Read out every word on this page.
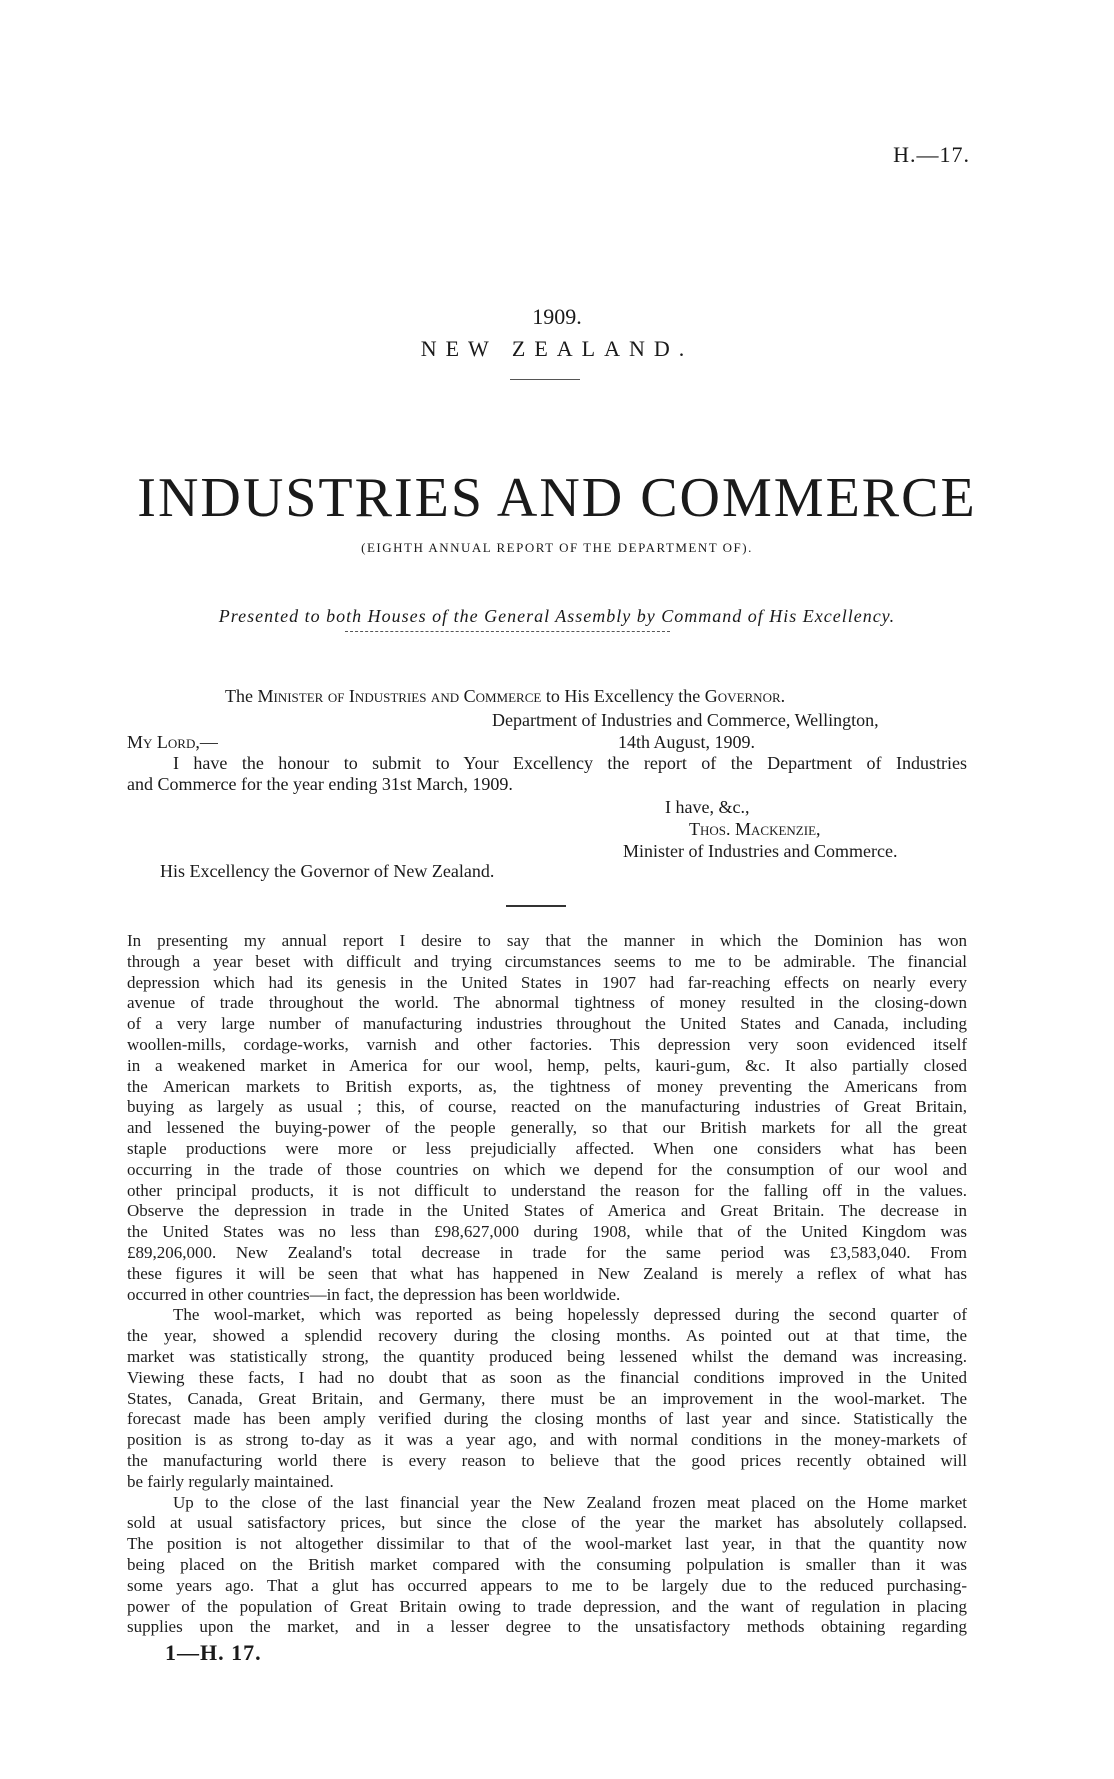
H.—17.
1909.
NEW ZEALAND.
INDUSTRIES AND COMMERCE
(EIGHTH ANNUAL REPORT OF THE DEPARTMENT OF).
Presented to both Houses of the General Assembly by Command of His Excellency.
The Minister of Industries and Commerce to His Excellency the Governor.
Department of Industries and Commerce, Wellington,
My Lord,—	14th August, 1909.

I have the honour to submit to Your Excellency the report of the Department of Industries

and Commerce for the year ending 31st March, 1909.
I have, &c.,
Thos. Mackenzie,
Minister of Industries and Commerce.
His Excellency the Governor of New Zealand.

In presenting my annual report I desire to say that the manner in which the Dominion has won

through a year beset with difficult and trying circumstances seems to me to be admirable. The financial

depression which had its genesis in the United States in 1907 had far-reaching effects on nearly every

avenue of trade throughout the world. The abnormal tightness of money resulted in the closing-down

of a very large number of manufacturing industries throughout the United States and Canada, including

woollen-mills, cordage-works, varnish and other factories. This depression very soon evidenced itself

in a weakened market in America for our wool, hemp, pelts, kauri-gum, &c. It also partially closed

the American markets to British exports, as, the tightness of money preventing the Americans from

buying as largely as usual ; this, of course, reacted on the manufacturing industries of Great Britain,

and lessened the buying-power of the people generally, so that our British markets for all the great

staple productions were more or less prejudicially affected. When one considers what has been

occurring in the trade of those countries on which we depend for the consumption of our wool and

other principal products, it is not difficult to understand the reason for the falling off in the values.

Observe the depression in trade in the United States of America and Great Britain. The decrease in

the United States was no less than £98,627,000 during 1908, while that of the United Kingdom was

£89,206,000. New Zealand's total decrease in trade for the same period was £3,583,040. From

these figures it will be seen that what has happened in New Zealand is merely a reflex of what has

occurred in other countries—in fact, the depression has been worldwide.

The wool-market, which was reported as being hopelessly depressed during the second quarter of

the year, showed a splendid recovery during the closing months. As pointed out at that time, the

market was statistically strong, the quantity produced being lessened whilst the demand was increasing.

Viewing these facts, I had no doubt that as soon as the financial conditions improved in the United

States, Canada, Great Britain, and Germany, there must be an improvement in the wool-market. The

forecast made has been amply verified during the closing months of last year and since. Statistically the

position is as strong to-day as it was a year ago, and with normal conditions in the money-markets of

the manufacturing world there is every reason to believe that the good prices recently obtained will

be fairly regularly maintained.

Up to the close of the last financial year the New Zealand frozen meat placed on the Home market

sold at usual satisfactory prices, but since the close of the year the market has absolutely collapsed.

The position is not altogether dissimilar to that of the wool-market last year, in that the quantity now

being placed on the British market compared with the consuming polpulation is smaller than it was

some years ago. That a glut has occurred appears to me to be largely due to the reduced purchasing-

power of the population of Great Britain owing to trade depression, and the want of regulation in placing

supplies upon the market, and in a lesser degree to the unsatisfactory methods obtaining regarding

1—H. 17.
